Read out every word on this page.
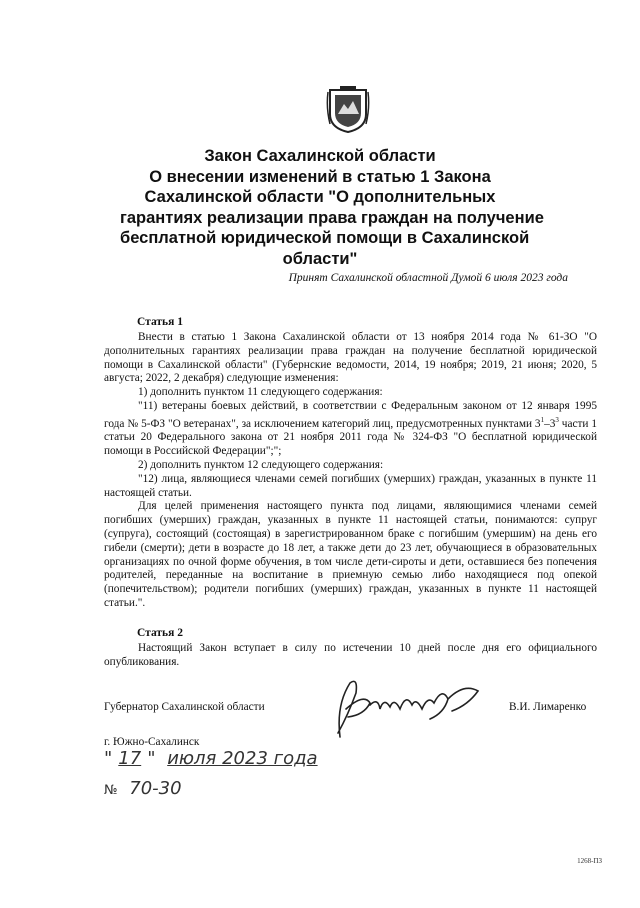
Закон Сахалинской области
О внесении изменений в статью 1 Закона
Сахалинской области "О дополнительных
гарантиях реализации права граждан на получение
бесплатной юридической помощи в Сахалинской
области"
Принят Сахалинской областной Думой 6 июля 2023 года
Статья 1

Внести в статью 1 Закона Сахалинской области от 13 ноября 2014 года № 61-ЗО "О дополнительных гарантиях реализации права граждан на получение бесплатной юридической помощи в Сахалинской области" (Губернские ведомости, 2014, 19 ноября; 2019, 21 июня; 2020, 5 августа; 2022, 2 декабря) следующие изменения:

1) дополнить пунктом 11 следующего содержания:

"11) ветераны боевых действий, в соответствии с Федеральным законом от 12 января 1995 года № 5-ФЗ "О ветеранах", за исключением категорий лиц, предусмотренных пунктами $3^1-3^3$ части 1 статьи 20 Федерального закона от 21 ноября 2011 года № 324-ФЗ "О бесплатной юридической помощи в Российской Федерации";";

2) дополнить пунктом 12 следующего содержания:

"12) лица, являющиеся членами семей погибших (умерших) граждан, указанных в пункте 11 настоящей статьи.

Для целей применения настоящего пункта под лицами, являющимися членами семей погибших (умерших) граждан, указанных в пункте 11 настоящей статьи, понимаются: супруг (супруга), состоящий (состоящая) в зарегистрированном браке с погибшим (умершим) на день его гибели (смерти); дети в возрасте до 18 лет, а также дети до 23 лет, обучающиеся в образовательных организациях по очной форме обучения, в том числе дети-сироты и дети, оставшиеся без попечения родителей, переданные на воспитание в приемную семью либо находящиеся под опекой (попечительством); родители погибших (умерших) граждан, указанных в пункте 11 настоящей статьи.".

Статья 2

Настоящий Закон вступает в силу по истечении 10 дней после дня его официального опубликования.

Губернатор Сахалинской области	В.И. Лимаренко
г. Южно-Сахалинск
" 17 " июля 2023 года
№ 70-30
1268-ПЗ
